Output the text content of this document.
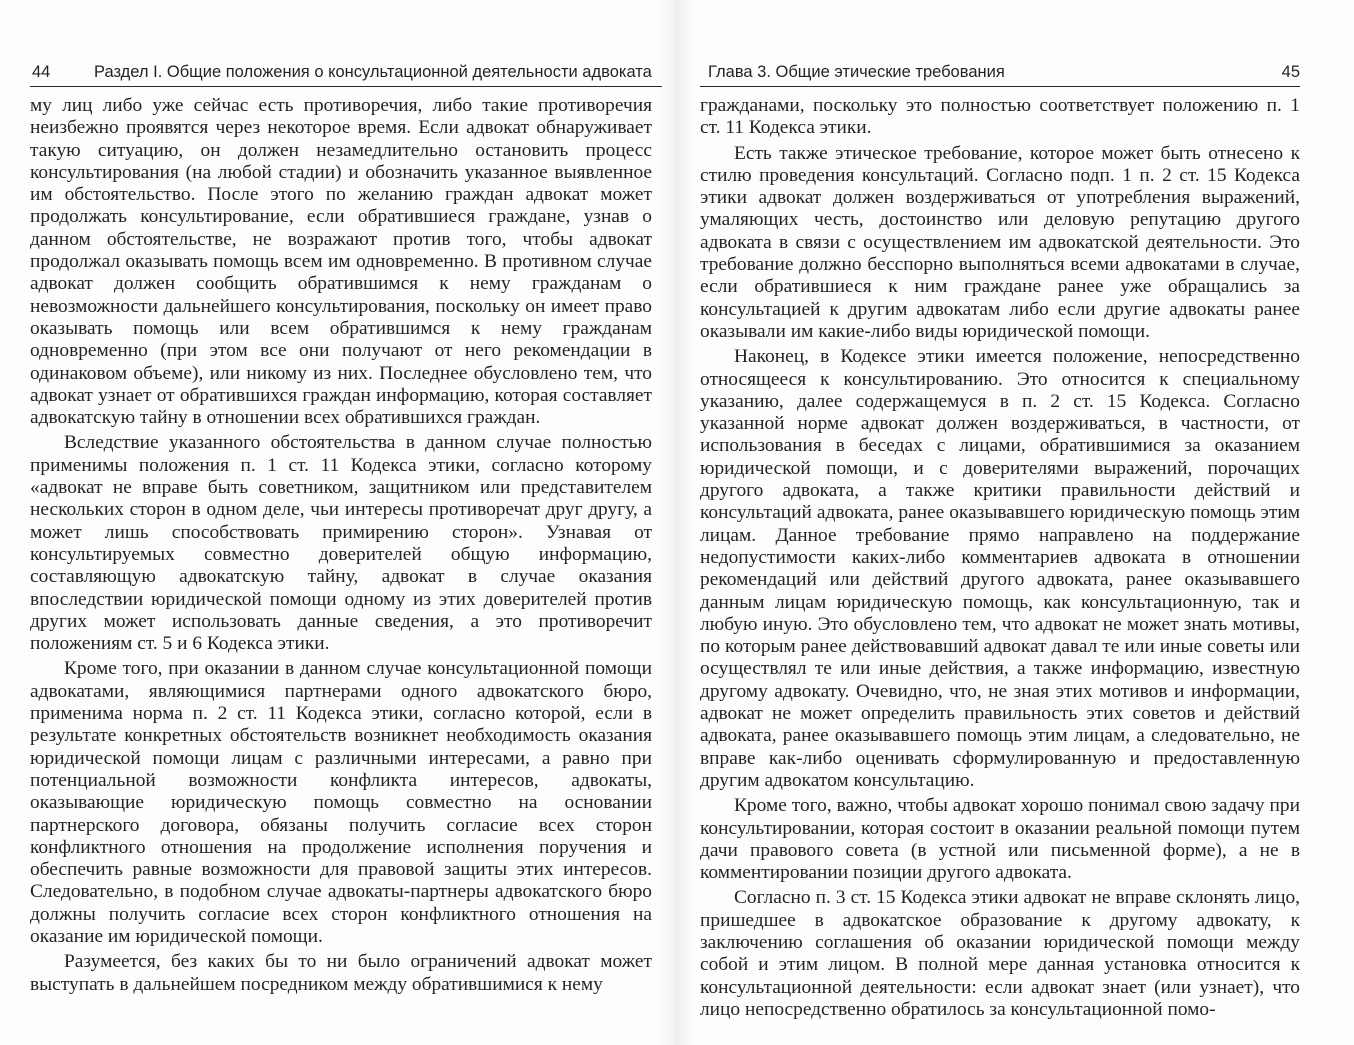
44	Раздел I. Общие положения о консультационной деятельности адвоката

му лиц либо уже сейчас есть противоречия, либо такие противоречия неизбежно проявятся через некоторое время. Если адвокат обнаруживает такую ситуацию, он должен незамедлительно остановить процесс консультирования (на любой стадии) и обозначить указанное выявленное им обстоятельство. После этого по желанию граждан адвокат может продолжать консультирование, если обратившиеся граждане, узнав о данном обстоятельстве, не возражают против того, чтобы адвокат продолжал оказывать помощь всем им одновременно. В противном случае адвокат должен сообщить обратившимся к нему гражданам о невозможности дальнейшего консультирования, поскольку он имеет право оказывать помощь или всем обратившимся к нему гражданам одновременно (при этом все они получают от него рекомендации в одинаковом объеме), или никому из них. Последнее обусловлено тем, что адвокат узнает от обратившихся граждан информацию, которая составляет адвокатскую тайну в отношении всех обратившихся граждан.

Вследствие указанного обстоятельства в данном случае полностью применимы положения п. 1 ст. 11 Кодекса этики, согласно которому «адвокат не вправе быть советником, защитником или представителем нескольких сторон в одном деле, чьи интересы противоречат друг другу, а может лишь способствовать примирению сторон». Узнавая от консультируемых совместно доверителей общую информацию, составляющую адвокатскую тайну, адвокат в случае оказания впоследствии юридической помощи одному из этих доверителей против других может использовать данные сведения, а это противоречит положениям ст. 5 и 6 Кодекса этики.

Кроме того, при оказании в данном случае консультационной помощи адвокатами, являющимися партнерами одного адвокатского бюро, применима норма п. 2 ст. 11 Кодекса этики, согласно которой, если в результате конкретных обстоятельств возникнет необходимость оказания юридической помощи лицам с различными интересами, а равно при потенциальной возможности конфликта интересов, адвокаты, оказывающие юридическую помощь совместно на основании партнерского договора, обязаны получить согласие всех сторон конфликтного отношения на продолжение исполнения поручения и обеспечить равные возможности для правовой защиты этих интересов. Следовательно, в подобном случае адвокаты-партнеры адвокатского бюро должны получить согласие всех сторон конфликтного отношения на оказание им юридической помощи.

Разумеется, без каких бы то ни было ограничений адвокат может выступать в дальнейшем посредником между обратившимися к нему

Глава 3. Общие этические требования	45

гражданами, поскольку это полностью соответствует положению п. 1 ст. 11 Кодекса этики.

Есть также этическое требование, которое может быть отнесено к стилю проведения консультаций. Согласно подп. 1 п. 2 ст. 15 Кодекса этики адвокат должен воздерживаться от употребления выражений, умаляющих честь, достоинство или деловую репутацию другого адвоката в связи с осуществлением им адвокатской деятельности. Это требование должно бесспорно выполняться всеми адвокатами в случае, если обратившиеся к ним граждане ранее уже обращались за консультацией к другим адвокатам либо если другие адвокаты ранее оказывали им какие-либо виды юридической помощи.

Наконец, в Кодексе этики имеется положение, непосредственно относящееся к консультированию. Это относится к специальному указанию, далее содержащемуся в п. 2 ст. 15 Кодекса. Согласно указанной норме адвокат должен воздерживаться, в частности, от использования в беседах с лицами, обратившимися за оказанием юридической помощи, и с доверителями выражений, порочащих другого адвоката, а также критики правильности действий и консультаций адвоката, ранее оказывавшего юридическую помощь этим лицам. Данное требование прямо направлено на поддержание недопустимости каких-либо комментариев адвоката в отношении рекомендаций или действий другого адвоката, ранее оказывавшего данным лицам юридическую помощь, как консультационную, так и любую иную. Это обусловлено тем, что адвокат не может знать мотивы, по которым ранее действовавший адвокат давал те или иные советы или осуществлял те или иные действия, а также информацию, известную другому адвокату. Очевидно, что, не зная этих мотивов и информации, адвокат не может определить правильность этих советов и действий адвоката, ранее оказывавшего помощь этим лицам, а следовательно, не вправе как-либо оценивать сформулированную и предоставленную другим адвокатом консультацию.

Кроме того, важно, чтобы адвокат хорошо понимал свою задачу при консультировании, которая состоит в оказании реальной помощи путем дачи правового совета (в устной или письменной форме), а не в комментировании позиции другого адвоката.

Согласно п. 3 ст. 15 Кодекса этики адвокат не вправе склонять лицо, пришедшее в адвокатское образование к другому адвокату, к заключению соглашения об оказании юридической помощи между собой и этим лицом. В полной мере данная установка относится к консультационной деятельности: если адвокат знает (или узнает), что лицо непосредственно обратилось за консультационной помо-
